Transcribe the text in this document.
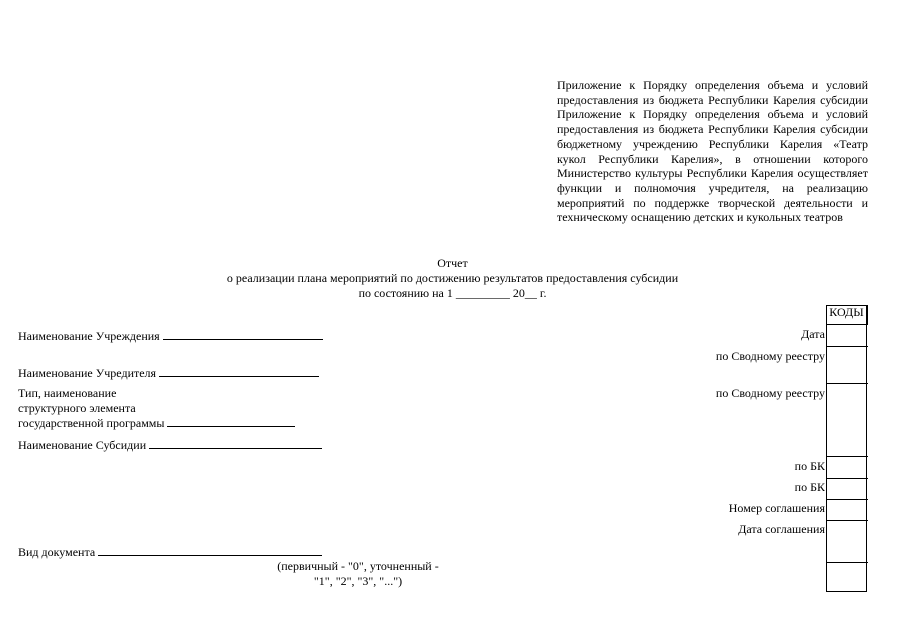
Приложение к Порядку определения объема и условий предоставления из бюджета Республики Карелия субсидии Приложение к Порядку определения объема и условий предоставления из бюджета Республики Карелия субсидии бюджетному учреждению Республики Карелия «Театр кукол Республики Карелия», в отношении которого Министерство культуры Республики Карелия осуществляет функции и полномочия учредителя, на реализацию мероприятий по поддержке творческой деятельности и техническому оснащению детских и кукольных театров
Отчет
о реализации плана мероприятий по достижению результатов предоставления субсидии
по состоянию на 1 _________ 20__ г.
Наименование Учреждения
Наименование Учредителя
Тип, наименование
структурного элемента
государственной программы
Наименование Субсидии
Вид документа
(первичный - "0", уточненный -
"1", "2", "3", "...")
Дата
по Сводному реестру
по Сводному реестру
по БК
по БК
Номер соглашения
Дата соглашения
КОДЫ
